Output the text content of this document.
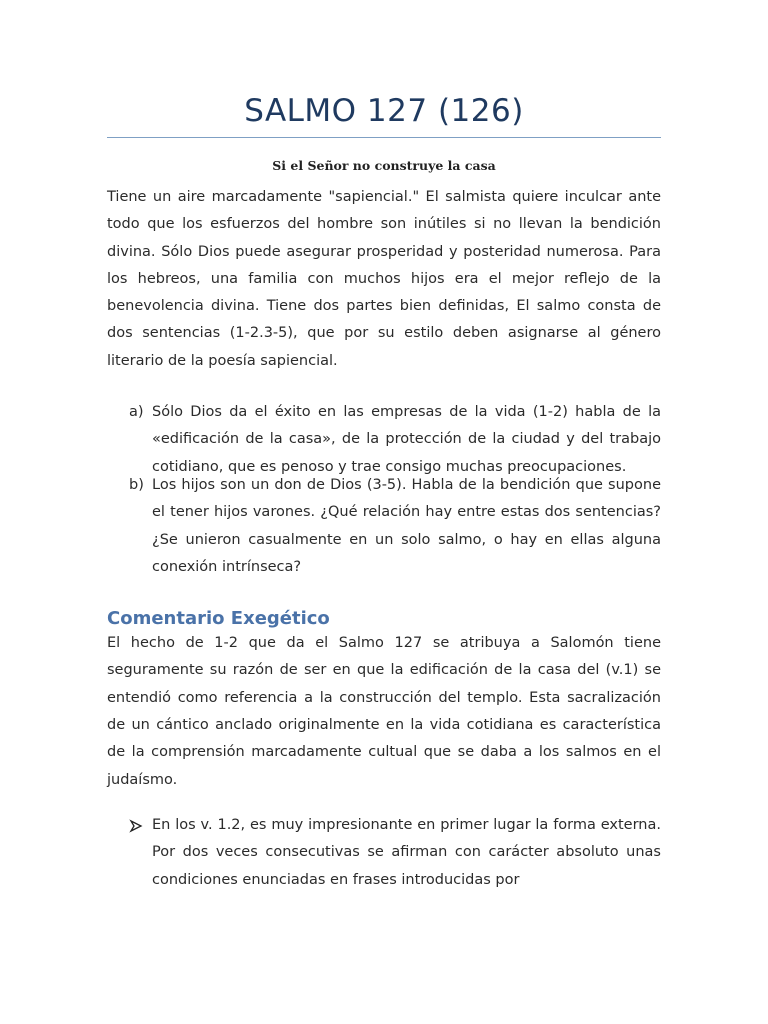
SALMO 127 (126)

Si el Señor no construye la casa

Tiene un aire marcadamente "sapiencial." El salmista quiere inculcar ante todo que los esfuerzos del hombre son inútiles si no llevan la bendición divina. Sólo Dios puede asegurar prosperidad y posteridad numerosa. Para los hebreos, una familia con muchos hijos era el mejor reflejo de la benevolencia divina. Tiene dos partes bien definidas, El salmo consta de dos sentencias (1-2.3-5), que por su estilo deben asignarse al género literario de la poesía sapiencial.

a) Sólo Dios da el éxito en las empresas de la vida (1-2) habla de la «edificación de la casa», de la protección de la ciudad y del trabajo cotidiano, que es penoso y trae consigo muchas preocupaciones.
b) Los hijos son un don de Dios (3-5). Habla de la bendición que supone el tener hijos varones. ¿Qué relación hay entre estas dos sentencias? ¿Se unieron casualmente en un solo salmo, o hay en ellas alguna conexión intrínseca?
Comentario Exegético

El hecho de 1-2 que da el Salmo 127 se atribuya a Salomón tiene seguramente su razón de ser en que la edificación de la casa del (v.1) se entendió como referencia a la construcción del templo. Esta sacralización de un cántico anclado originalmente en la vida cotidiana es característica de la comprensión marcadamente cultual que se daba a los salmos en el judaísmo.

En los v. 1.2, es muy impresionante en primer lugar la forma externa. Por dos veces consecutivas se afirman con carácter absoluto unas condiciones enunciadas en frases introducidas por
